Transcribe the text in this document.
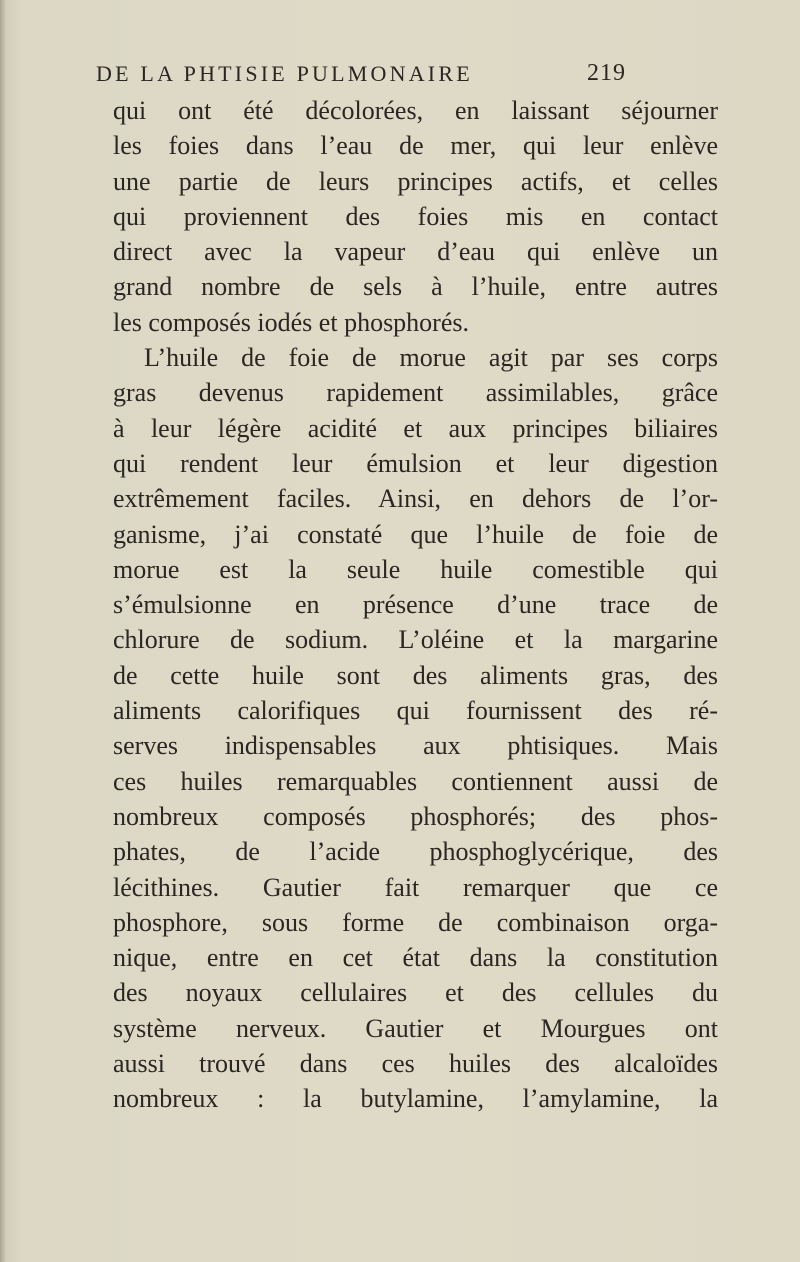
DE LA PHTISIE PULMONAIRE	219
qui ont été décolorées, en laissant séjourner
les foies dans l’eau de mer, qui leur enlève
une partie de leurs principes actifs, et celles
qui proviennent des foies mis en contact
direct avec la vapeur d’eau qui enlève un
grand nombre de sels à l’huile, entre autres
les composés iodés et phosphorés.
L’huile de foie de morue agit par ses corps
gras devenus rapidement assimilables, grâce
à leur légère acidité et aux principes biliaires
qui rendent leur émulsion et leur digestion
extrêmement faciles. Ainsi, en dehors de l’or-
ganisme, j’ai constaté que l’huile de foie de
morue est la seule huile comestible qui
s’émulsionne en présence d’une trace de
chlorure de sodium. L’oléine et la margarine
de cette huile sont des aliments gras, des
aliments calorifiques qui fournissent des ré-
serves indispensables aux phtisiques. Mais
ces huiles remarquables contiennent aussi de
nombreux composés phosphorés; des phos-
phates, de l’acide phosphoglycérique, des
lécithines. Gautier fait remarquer que ce
phosphore, sous forme de combinaison orga-
nique, entre en cet état dans la constitution
des noyaux cellulaires et des cellules du
système nerveux. Gautier et Mourgues ont
aussi trouvé dans ces huiles des alcaloïdes
nombreux : la butylamine, l’amylamine, la
